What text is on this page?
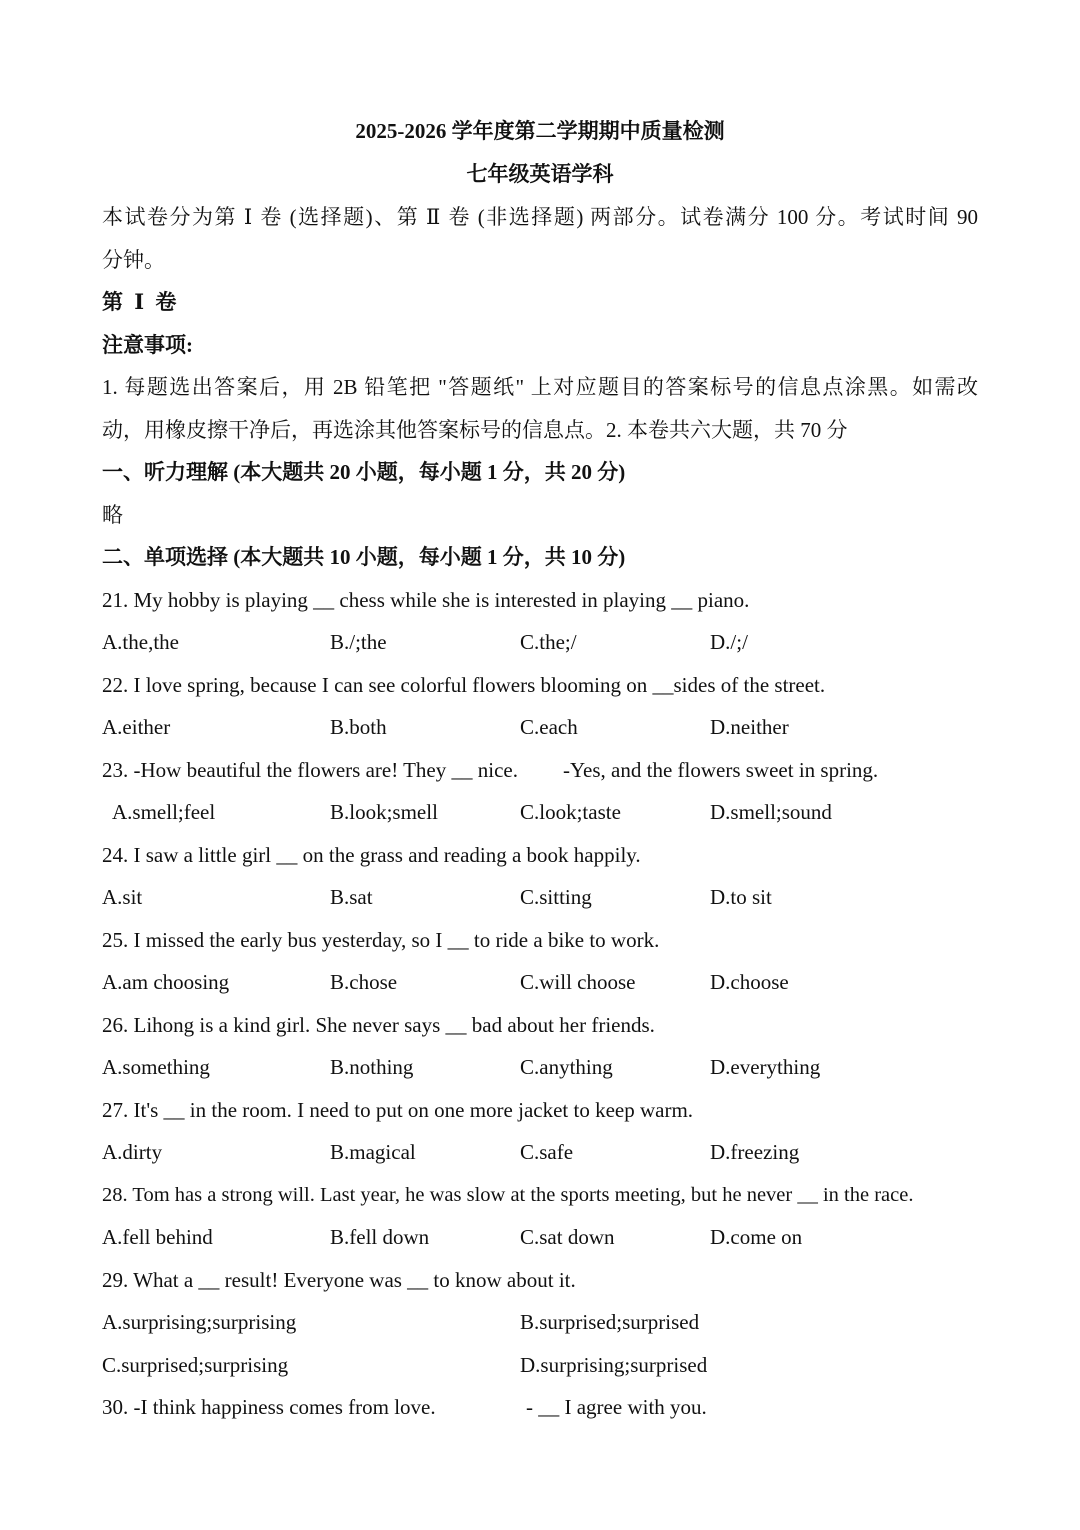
2025-2026 学年度第二学期期中质量检测
七年级英语学科
本试卷分为第 Ⅰ 卷 (选择题)、第 Ⅱ 卷 (非选择题) 两部分。试卷满分 100 分。考试时间 90
分钟。
第 Ⅰ 卷
注意事项:
1. 每题选出答案后，用 2B 铅笔把 "答题纸" 上对应题目的答案标号的信息点涂黑。如需改
动，用橡皮擦干净后，再选涂其他答案标号的信息点。2. 本卷共六大题，共 70 分
一、听力理解 (本大题共 20 小题，每小题 1 分，共 20 分)
略
二、单项选择 (本大题共 10 小题，每小题 1 分，共 10 分)
21. My hobby is playing __ chess while she is interested in playing __ piano.
A.the,the	B./;the	C.the;/	D./;/
22. I love spring, because I can see colorful flowers blooming on __sides of the street.
A.either	B.both	C.each	D.neither
23. -How beautiful the flowers are! They __ nice. -Yes, and the flowers sweet in spring.
A.smell;feel	B.look;smell	C.look;taste	D.smell;sound
24. I saw a little girl __ on the grass and reading a book happily.
A.sit	B.sat	C.sitting	D.to sit
25. I missed the early bus yesterday, so I __ to ride a bike to work.
A.am choosing	B.chose	C.will choose	D.choose
26. Lihong is a kind girl. She never says __ bad about her friends.
A.something	B.nothing	C.anything	D.everything
27. It's __ in the room. I need to put on one more jacket to keep warm.
A.dirty	B.magical	C.safe	D.freezing
28. Tom has a strong will. Last year, he was slow at the sports meeting, but he never __ in the race.
A.fell behind	B.fell down	C.sat down	D.come on
29. What a __ result! Everyone was __ to know about it.
A.surprising;surprising	B.surprised;surprised
C.surprised;surprising	D.surprising;surprised
30. -I think happiness comes from love.	- __ I agree with you.
